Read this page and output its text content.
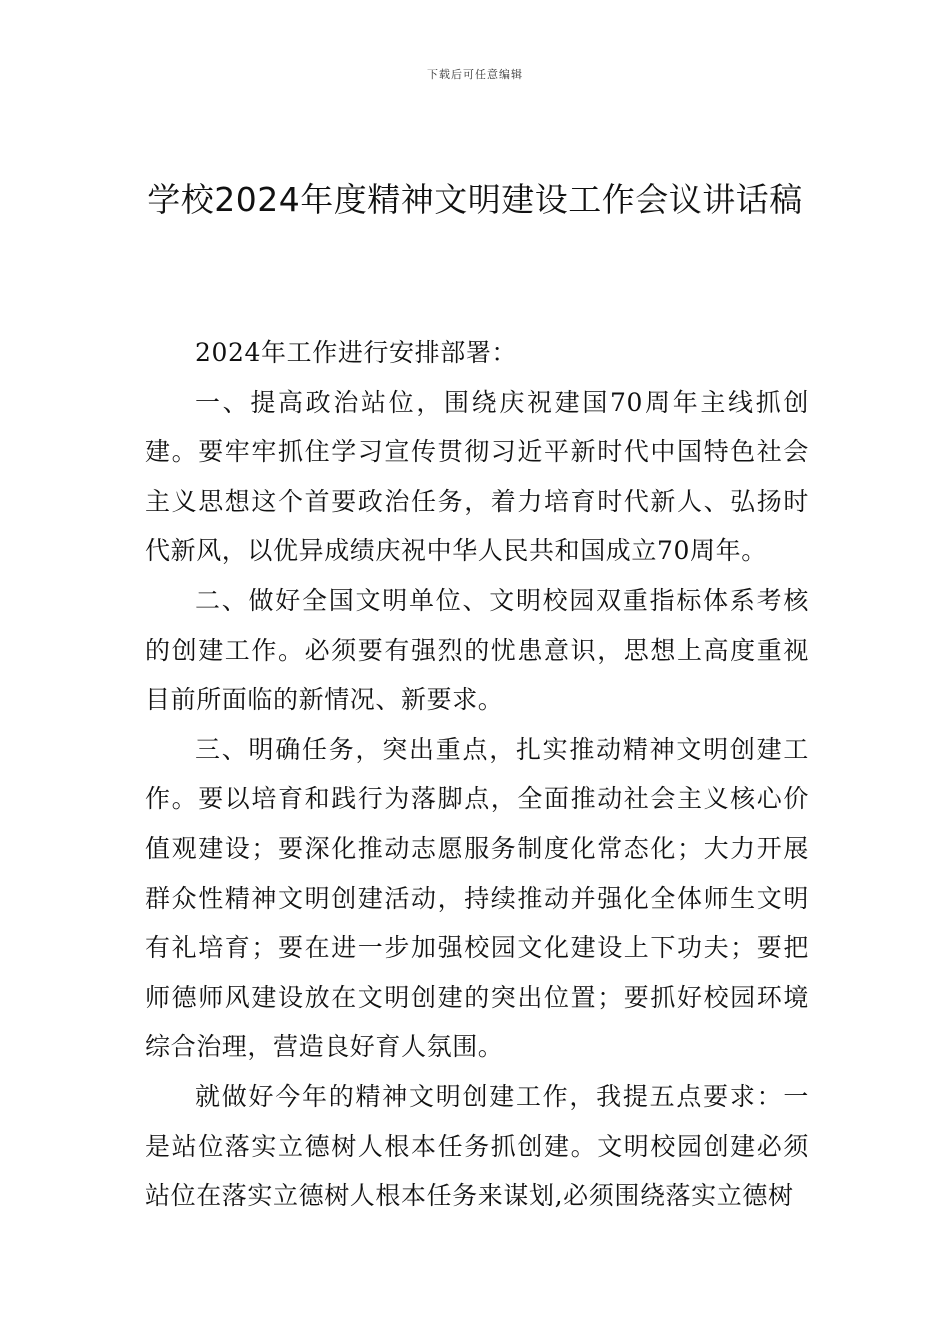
下载后可任意编辑
学校2024年度精神文明建设工作会议讲话稿

2024年工作进行安排部署：

一、提高政治站位，围绕庆祝建国70周年主线抓创建。要牢牢抓住学习宣传贯彻习近平新时代中国特色社会主义思想这个首要政治任务，着力培育时代新人、弘扬时代新风，以优异成绩庆祝中华人民共和国成立70周年。

二、做好全国文明单位、文明校园双重指标体系考核的创建工作。必须要有强烈的忧患意识，思想上高度重视目前所面临的新情况、新要求。

三、明确任务，突出重点，扎实推动精神文明创建工作。要以培育和践行为落脚点，全面推动社会主义核心价值观建设；要深化推动志愿服务制度化常态化；大力开展群众性精神文明创建活动，持续推动并强化全体师生文明有礼培育；要在进一步加强校园文化建设上下功夫；要把师德师风建设放在文明创建的突出位置；要抓好校园环境综合治理，营造良好育人氛围。

就做好今年的精神文明创建工作，我提五点要求：一是站位落实立德树人根本任务抓创建。文明校园创建必须站位在落实立德树人根本任务来谋划,必须围绕落实立德树
